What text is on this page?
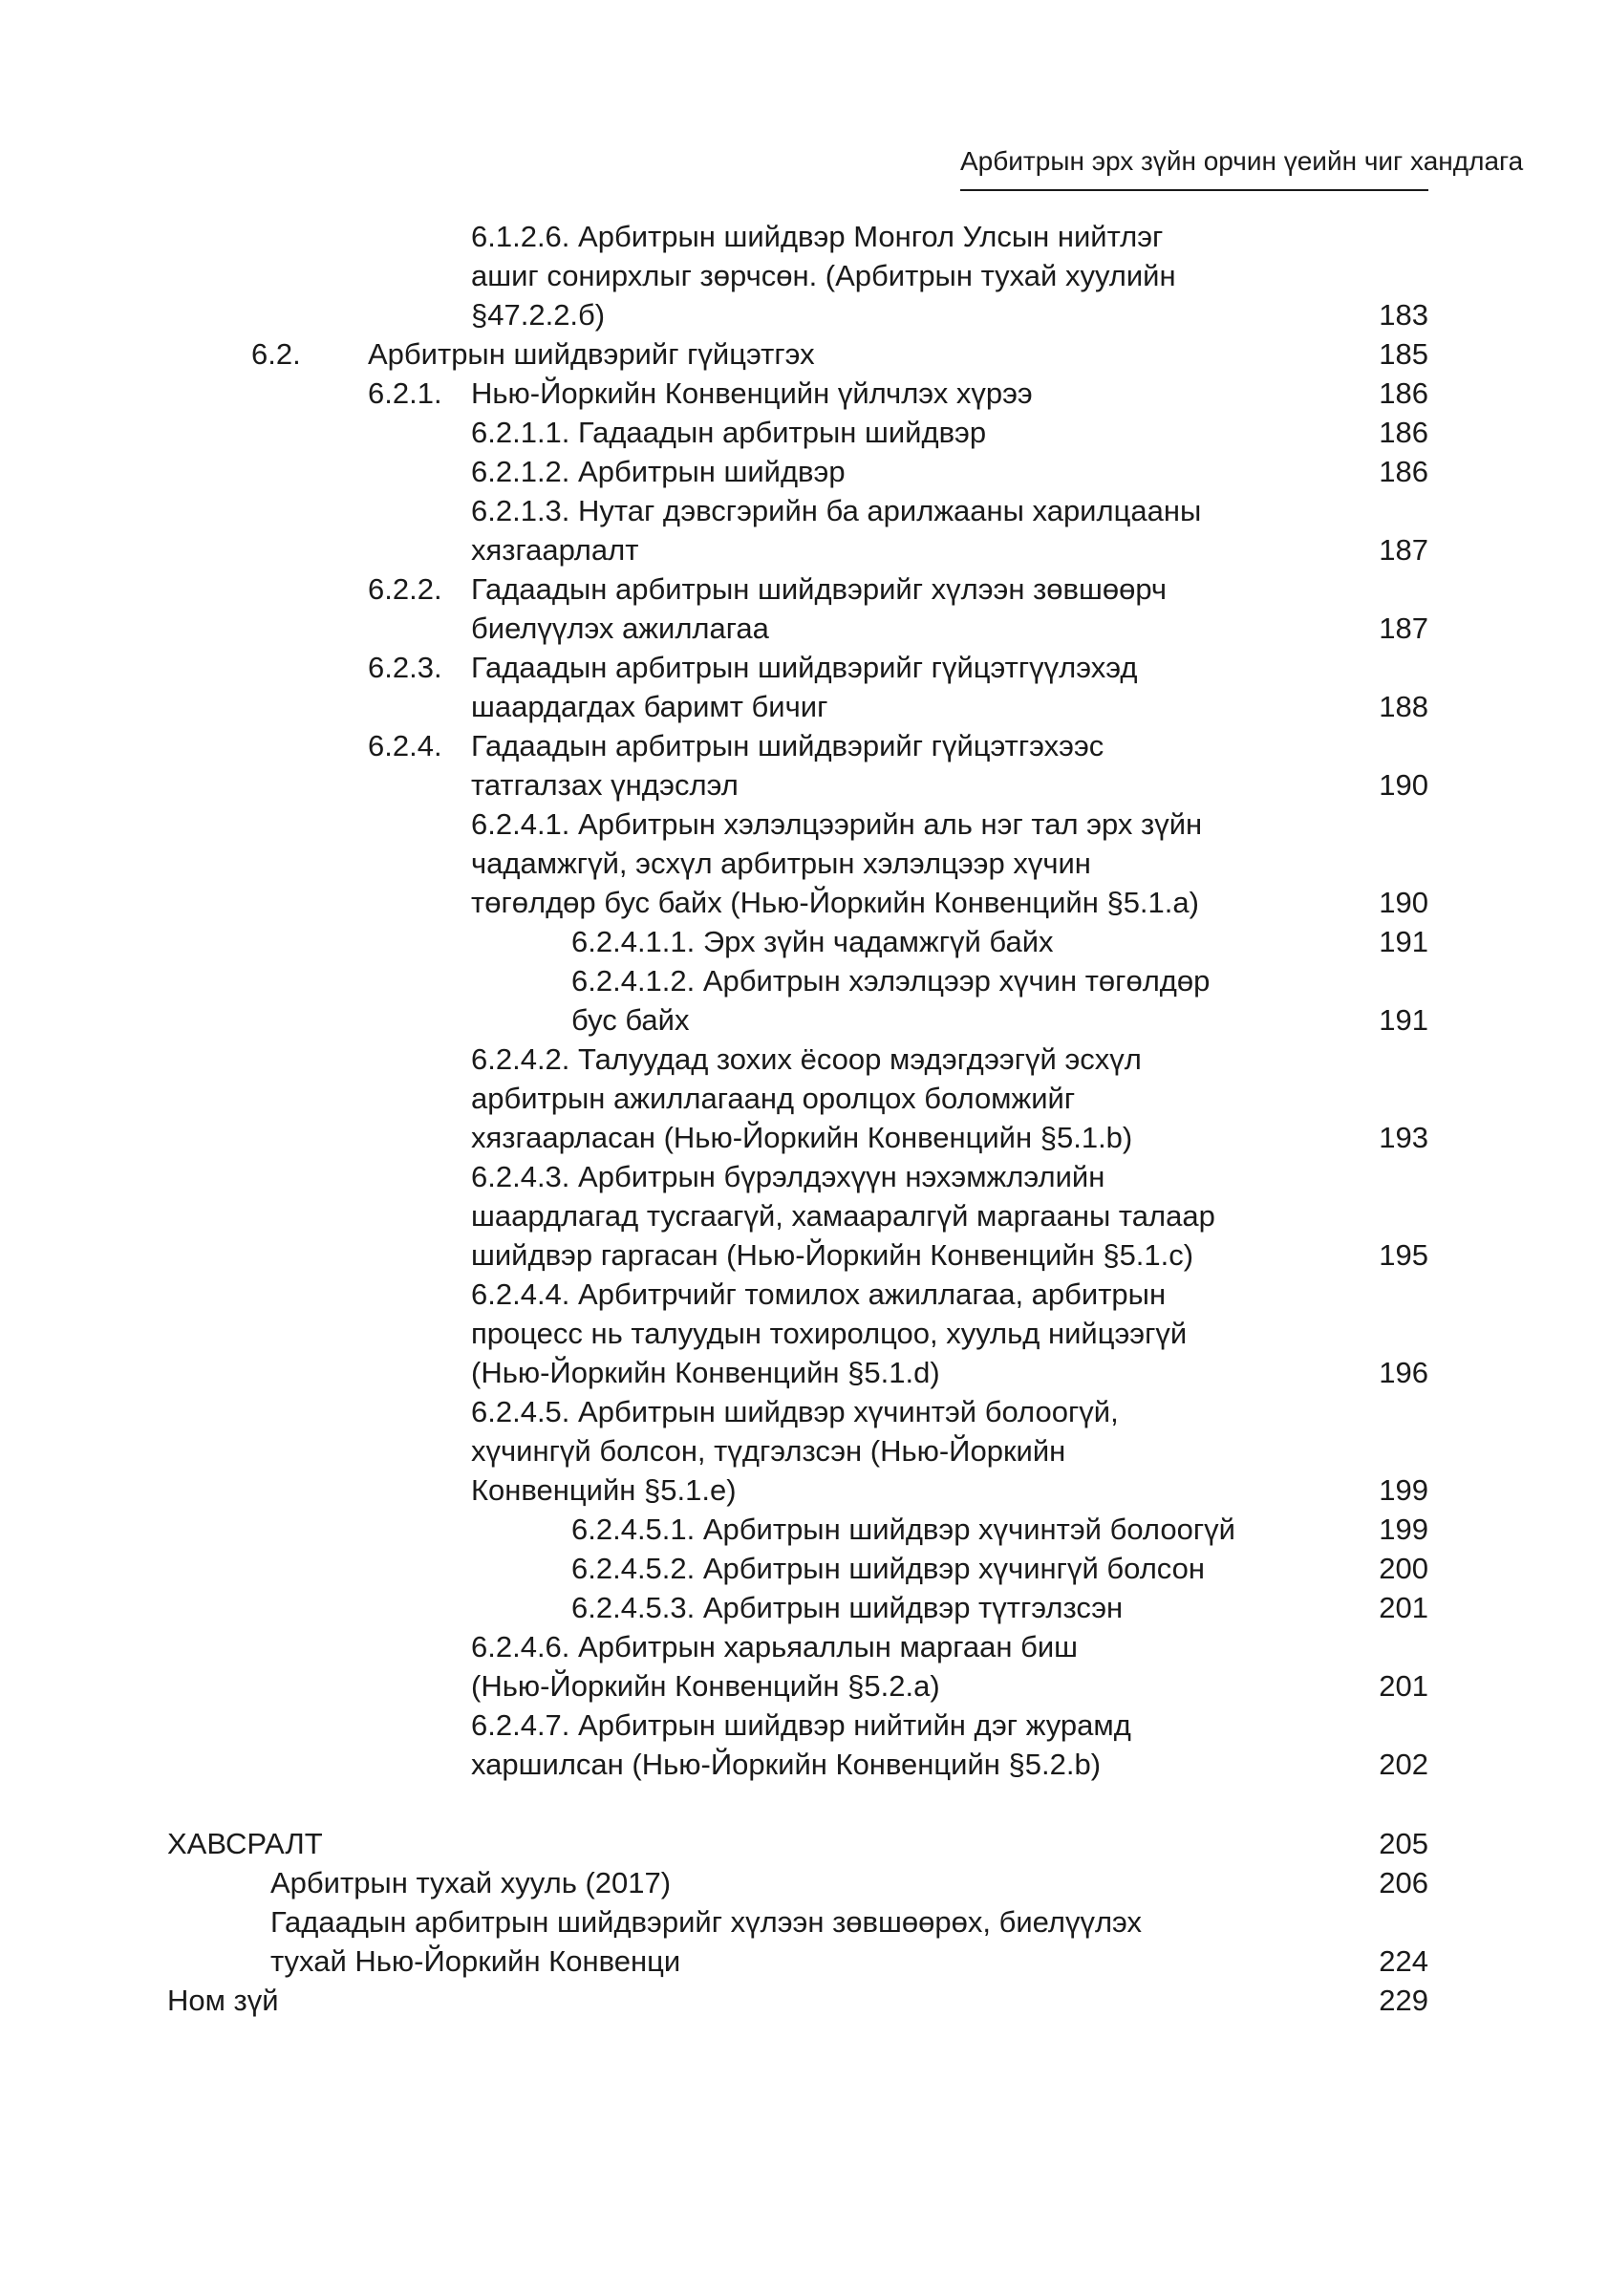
Арбитрын эрх зүйн орчин үеийн чиг хандлага
6.1.2.6. Арбитрын шийдвэр Монгол Улсын нийтлэг
ашиг сонирхлыг зөрчсөн. (Арбитрын тухай хуулийн
§47.2.2.б)	183
6.2. Арбитрын шийдвэрийг гүйцэтгэх	185
6.2.1. Нью-Йоркийн Конвенцийн үйлчлэх хүрээ	186
6.2.1.1. Гадаадын арбитрын шийдвэр	186
6.2.1.2. Арбитрын шийдвэр	186
6.2.1.3. Нутаг дэвсгэрийн ба арилжааны харилцааны
хязгаарлалт	187
6.2.2. Гадаадын арбитрын шийдвэрийг хүлээн зөвшөөрч
биелүүлэх ажиллагаа	187
6.2.3. Гадаадын арбитрын шийдвэрийг гүйцэтгүүлэхэд
шаардагдах баримт бичиг	188
6.2.4. Гадаадын арбитрын шийдвэрийг гүйцэтгэхээс
татгалзах үндэслэл	190
6.2.4.1. Арбитрын хэлэлцээрийн аль нэг тал эрх зүйн
чадамжгүй, эсхүл арбитрын хэлэлцээр хүчин
төгөлдөр бус байх (Нью-Йоркийн Конвенцийн §5.1.a)	190
6.2.4.1.1. Эрх зүйн чадамжгүй байх	191
6.2.4.1.2. Арбитрын хэлэлцээр хүчин төгөлдөр
бус байх	191
6.2.4.2. Талуудад зохих ёсоор мэдэгдээгүй эсхүл
арбитрын ажиллагаанд оролцох боломжийг
хязгаарласан (Нью-Йоркийн Конвенцийн §5.1.b)	193
6.2.4.3. Арбитрын бүрэлдэхүүн нэхэмжлэлийн
шаардлагад тусгаагүй, хамааралгүй маргааны талаар
шийдвэр гаргасан (Нью-Йоркийн Конвенцийн §5.1.c)	195
6.2.4.4. Арбитрчийг томилох ажиллагаа, арбитрын
процесс нь талуудын тохиролцоо, хуульд нийцээгүй
(Нью-Йоркийн Конвенцийн §5.1.d)	196
6.2.4.5. Арбитрын шийдвэр хүчинтэй болоогүй,
хүчингүй болсон, түдгэлзсэн (Нью-Йоркийн
Конвенцийн §5.1.e)	199
6.2.4.5.1. Арбитрын шийдвэр хүчинтэй болоогүй	199
6.2.4.5.2. Арбитрын шийдвэр хүчингүй болсон	200
6.2.4.5.3. Арбитрын шийдвэр түтгэлзсэн	201
6.2.4.6. Арбитрын харьяаллын маргаан биш
(Нью-Йоркийн Конвенцийн §5.2.a)	201
6.2.4.7. Арбитрын шийдвэр нийтийн дэг журамд
харшилсан (Нью-Йоркийн Конвенцийн §5.2.b)	202
ХАВСРАЛТ	205
Арбитрын тухай хууль (2017)	206
Гадаадын арбитрын шийдвэрийг хүлээн зөвшөөрөх, биелүүлэх
тухай Нью-Йоркийн Конвенци	224
Ном зүй	229
